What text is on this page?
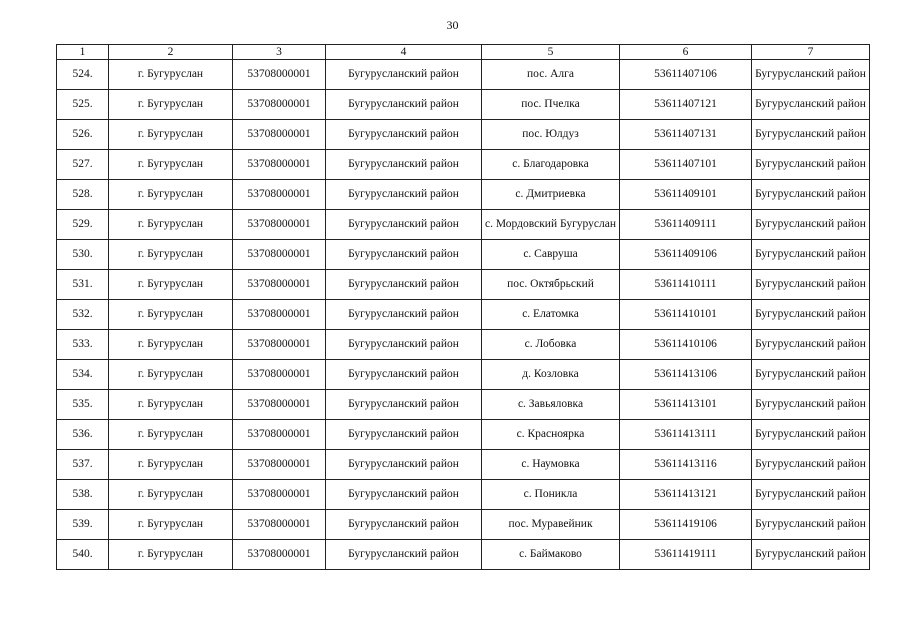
30
1	2	3	4	5	6	7
524.	г. Бугуруслан	53708000001	Бугурусланский район	пос. Алга	53611407106	Бугурусланский район
525.	г. Бугуруслан	53708000001	Бугурусланский район	пос. Пчелка	53611407121	Бугурусланский район
526.	г. Бугуруслан	53708000001	Бугурусланский район	пос. Юлдуз	53611407131	Бугурусланский район
527.	г. Бугуруслан	53708000001	Бугурусланский район	с. Благодаровка	53611407101	Бугурусланский район
528.	г. Бугуруслан	53708000001	Бугурусланский район	с. Дмитриевка	53611409101	Бугурусланский район
529.	г. Бугуруслан	53708000001	Бугурусланский район	с. Мордовский Бугуруслан	53611409111	Бугурусланский район
530.	г. Бугуруслан	53708000001	Бугурусланский район	с. Савруша	53611409106	Бугурусланский район
531.	г. Бугуруслан	53708000001	Бугурусланский район	пос. Октябрьский	53611410111	Бугурусланский район
532.	г. Бугуруслан	53708000001	Бугурусланский район	с. Елатомка	53611410101	Бугурусланский район
533.	г. Бугуруслан	53708000001	Бугурусланский район	с. Лобовка	53611410106	Бугурусланский район
534.	г. Бугуруслан	53708000001	Бугурусланский район	д. Козловка	53611413106	Бугурусланский район
535.	г. Бугуруслан	53708000001	Бугурусланский район	с. Завьяловка	53611413101	Бугурусланский район
536.	г. Бугуруслан	53708000001	Бугурусланский район	с. Краснояpка	53611413111	Бугурусланский район
537.	г. Бугуруслан	53708000001	Бугурусланский район	с. Наумовка	53611413116	Бугурусланский район
538.	г. Бугуруслан	53708000001	Бугурусланский район	с. Поникла	53611413121	Бугурусланский район
539.	г. Бугуруслан	53708000001	Бугурусланский район	пос. Муравейник	53611419106	Бугурусланский район
540.	г. Бугуруслан	53708000001	Бугурусланский район	с. Баймаково	53611419111	Бугурусланский район
